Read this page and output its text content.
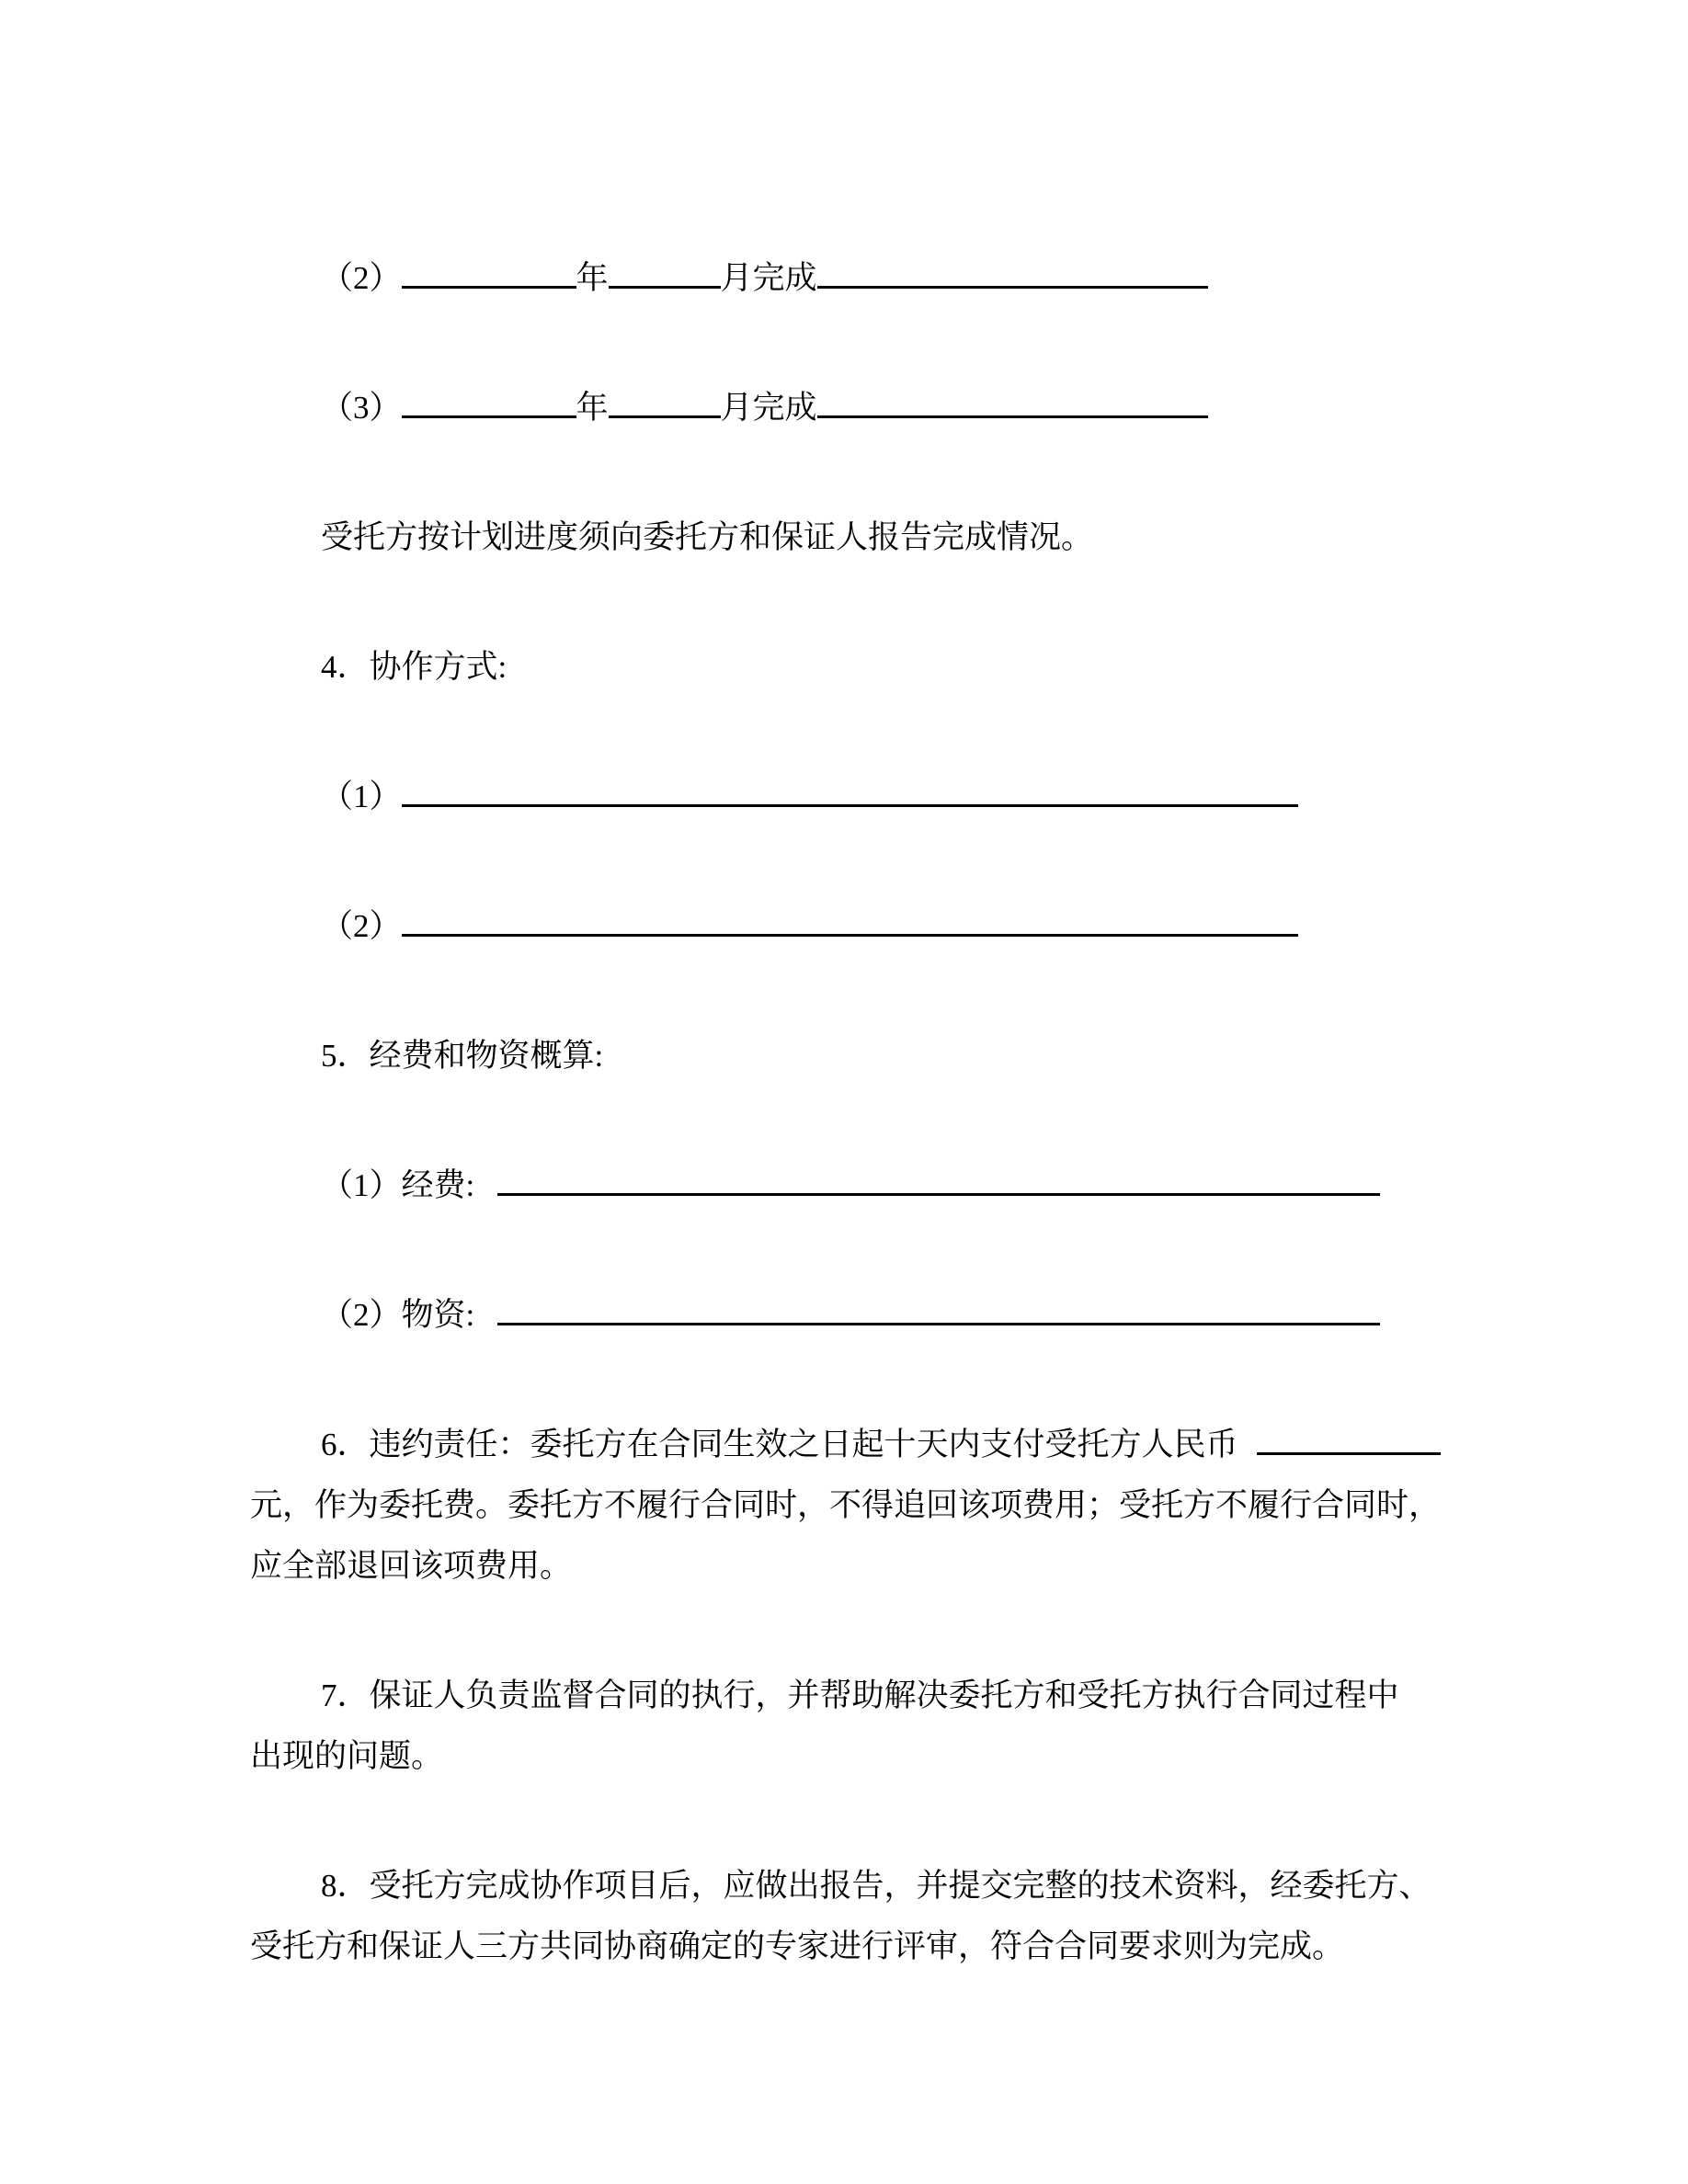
（2）	年	月完成
（3）	年	月完成
受托方按计划进度须向委托方和保证人报告完成情况。
4．协作方式:
（1）
（2）
5．经费和物资概算:
（1）经费:
（2）物资:
6．违约责任：委托方在合同生效之日起十天内支付受托方人民币
元，作为委托费。委托方不履行合同时，不得追回该项费用；受托方不履行合同时，
应全部退回该项费用。
7．保证人负责监督合同的执行，并帮助解决委托方和受托方执行合同过程中
出现的问题。
8．受托方完成协作项目后，应做出报告，并提交完整的技术资料，经委托方、
受托方和保证人三方共同协商确定的专家进行评审，符合合同要求则为完成。
